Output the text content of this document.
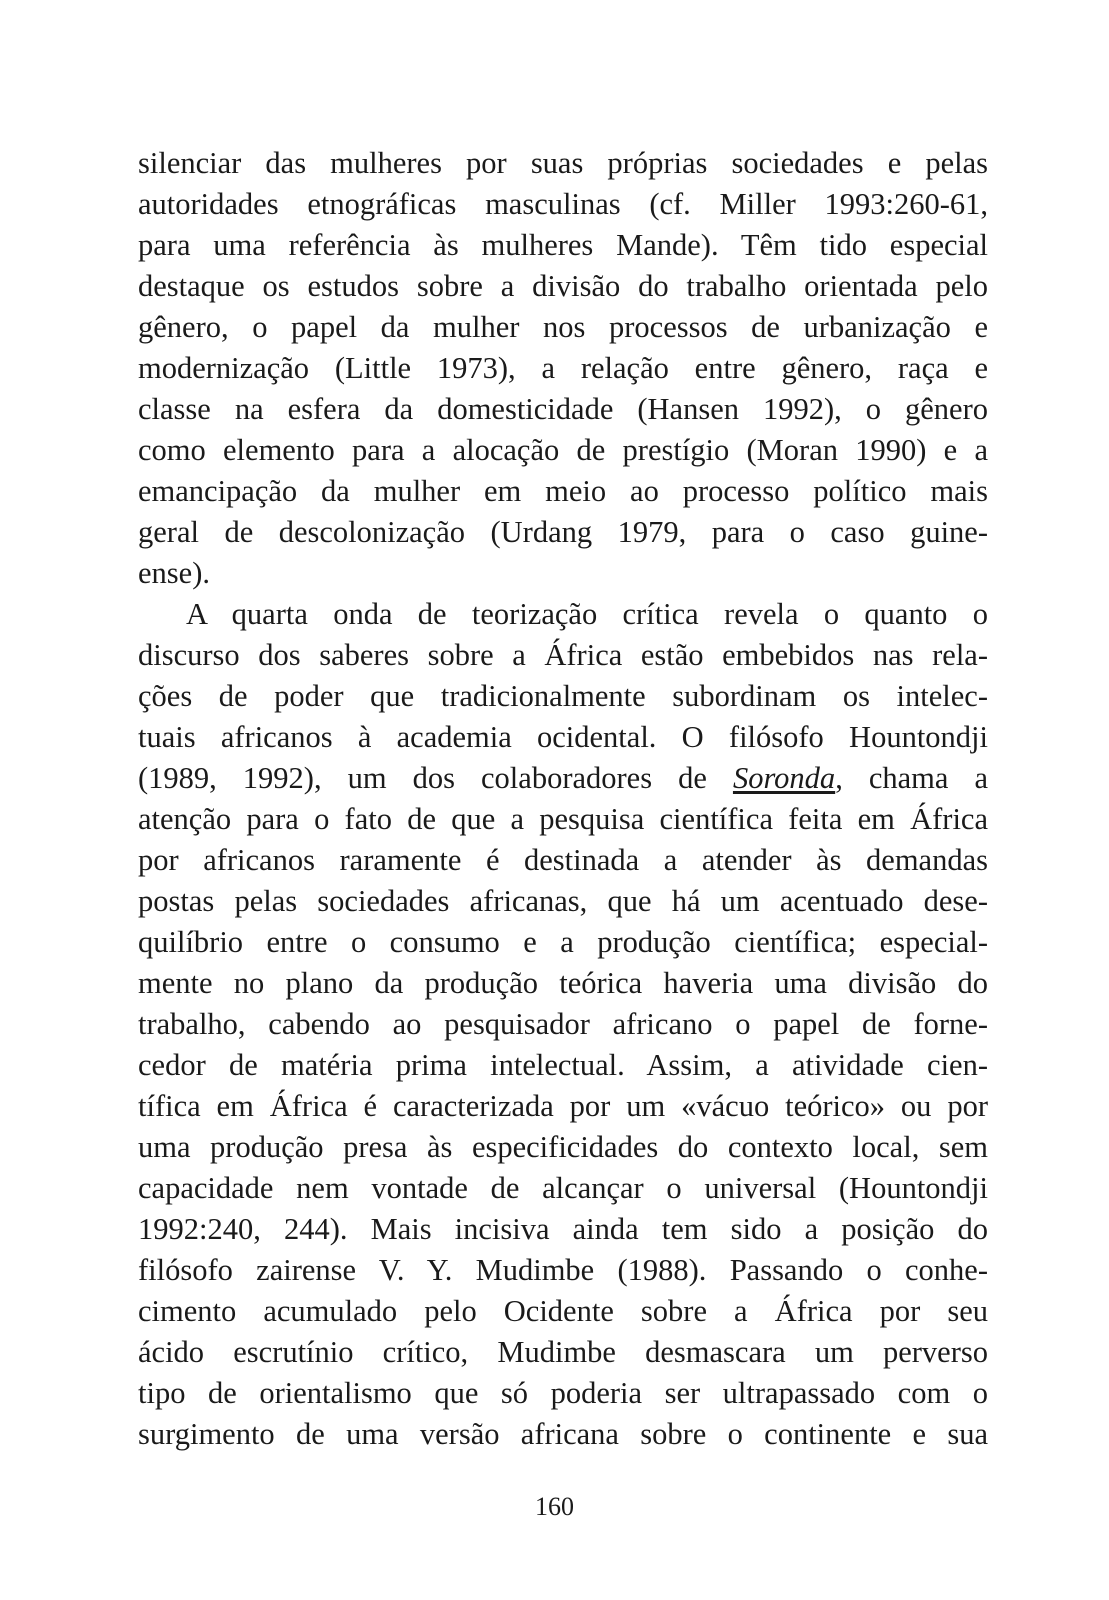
silenciar das mulheres por suas próprias sociedades e pelas
autoridades etnográficas masculinas (cf. Miller 1993:260-61,
para uma referência às mulheres Mande). Têm tido especial
destaque os estudos sobre a divisão do trabalho orientada pelo
gênero, o papel da mulher nos processos de urbanização e
modernização (Little 1973), a relação entre gênero, raça e
classe na esfera da domesticidade (Hansen 1992), o gênero
como elemento para a alocação de prestígio (Moran 1990) e a
emancipação da mulher em meio ao processo político mais
geral de descolonização (Urdang 1979, para o caso guine-
ense).
A quarta onda de teorização crítica revela o quanto o
discurso dos saberes sobre a África estão embebidos nas rela-
ções de poder que tradicionalmente subordinam os intelec-
tuais africanos à academia ocidental. O filósofo Hountondji
(1989, 1992), um dos colaboradores de Soronda, chama a
atenção para o fato de que a pesquisa científica feita em África
por africanos raramente é destinada a atender às demandas
postas pelas sociedades africanas, que há um acentuado dese-
quilíbrio entre o consumo e a produção científica; especial-
mente no plano da produção teórica haveria uma divisão do
trabalho, cabendo ao pesquisador africano o papel de forne-
cedor de matéria prima intelectual. Assim, a atividade cien-
tífica em África é caracterizada por um «vácuo teórico» ou por
uma produção presa às especificidades do contexto local, sem
capacidade nem vontade de alcançar o universal (Hountondji
1992:240, 244). Mais incisiva ainda tem sido a posição do
filósofo zairense V. Y. Mudimbe (1988). Passando o conhe-
cimento acumulado pelo Ocidente sobre a África por seu
ácido escrutínio crítico, Mudimbe desmascara um perverso
tipo de orientalismo que só poderia ser ultrapassado com o
surgimento de uma versão africana sobre o continente e sua
160
